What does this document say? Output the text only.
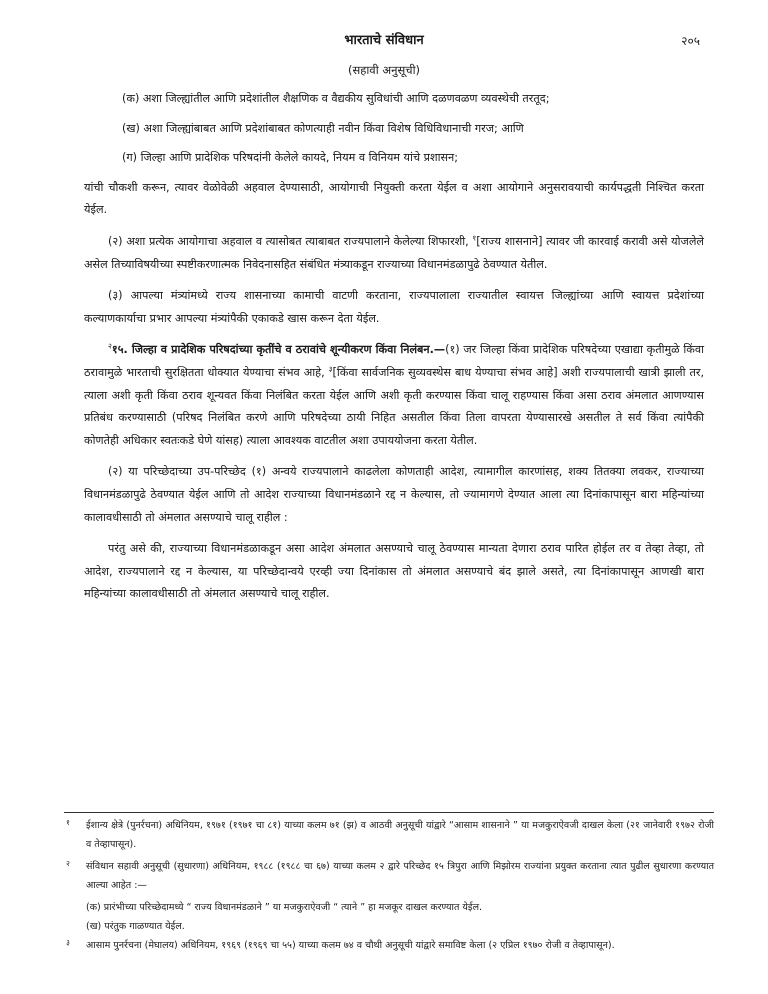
भारताचे संविधान	२०५
(सहावी अनुसूची)

(क) अशा जिल्ह्यांतील आणि प्रदेशांतील शैक्षणिक व वैद्यकीय सुविधांची आणि दळणवळण व्यवस्थेची तरतूद;

(ख) अशा जिल्ह्यांबाबत आणि प्रदेशांबाबत कोणत्याही नवीन किंवा विशेष विधिविधानाची गरज; आणि

(ग) जिल्हा आणि प्रादेशिक परिषदांनी केलेले कायदे, नियम व विनियम यांचे प्रशासन;

यांची चौकशी करून, त्यावर वेळोवेळी अहवाल देण्यासाठी, आयोगाची नियुक्ती करता येईल व अशा आयोगाने अनुसरावयाची कार्यपद्धती निश्चित करता येईल.

(२) अशा प्रत्येक आयोगाचा अहवाल व त्यासोबत त्याबाबत राज्यपालाने केलेल्या शिफारशी, $^१$[राज्य शासनाने] त्यावर जी कारवाई करावी असे योजलेले असेल तिच्याविषयीच्या स्पष्टीकरणात्मक निवेदनासहित संबंधित मंत्र्याकडून राज्याच्या विधानमंडळापुढे ठेवण्यात येतील.

(३) आपल्या मंत्र्यांमध्ये राज्य शासनाच्या कामाची वाटणी करताना, राज्यपालाला राज्यातील स्वायत्त जिल्ह्यांच्या आणि स्वायत्त प्रदेशांच्या कल्याणकार्याचा प्रभार आपल्या मंत्र्यांपैकी एकाकडे खास करून देता येईल.

$^२$१५. जिल्हा व प्रादेशिक परिषदांच्या कृतींचे व ठरावांचे शून्यीकरण किंवा निलंबन.—(१) जर जिल्हा किंवा प्रादेशिक परिषदेच्या एखाद्या कृतीमुळे किंवा ठरावामुळे भारताची सुरक्षितता धोक्यात येण्याचा संभव आहे, $^३$[किंवा सार्वजनिक सुव्यवस्थेस बाध येण्याचा संभव आहे] अशी राज्यपालाची खात्री झाली तर, त्याला अशी कृती किंवा ठराव शून्यवत किंवा निलंबित करता येईल आणि अशी कृती करण्यास किंवा चालू राहण्यास किंवा असा ठराव अंमलात आणण्यास प्रतिबंध करण्यासाठी (परिषद निलंबित करणे आणि परिषदेच्या ठायी निहित असतील किंवा तिला वापरता येण्यासारखे असतील ते सर्व किंवा त्यांपैकी कोणतेही अधिकार स्वतःकडे घेणे यांसह) त्याला आवश्यक वाटतील अशा उपाययोजना करता येतील.

(२) या परिच्छेदाच्या उप-परिच्छेद (१) अन्वये राज्यपालाने काढलेला कोणताही आदेश, त्यामागील कारणांसह, शक्य तितक्या लवकर, राज्याच्या विधानमंडळापुढे ठेवण्यात येईल आणि तो आदेश राज्याच्या विधानमंडळाने रद्द न केल्यास, तो ज्यामागणे देण्यात आला त्या दिनांकापासून बारा महिन्यांच्या कालावधीसाठी तो अंमलात असण्याचे चालू राहील :

परंतु असे की, राज्याच्या विधानमंडळाकडून असा आदेश अंमलात असण्याचे चालू ठेवण्यास मान्यता देणारा ठराव पारित होईल तर व तेव्हा तेव्हा, तो आदेश, राज्यपालाने रद्द न केल्यास, या परिच्छेदान्वये एरव्ही ज्या दिनांकास तो अंमलात असण्याचे बंद झाले असते, त्या दिनांकापासून आणखी बारा महिन्यांच्या कालावधीसाठी तो अंमलात असण्याचे चालू राहील.

१ ईशान्य क्षेत्रे (पुनर्रचना) अधिनियम, १९७१ (१९७१ चा ८१) याच्या कलम ७१ (झ) व आठवी अनुसूची यांद्वारे “आसाम शासनाने ” या मजकुराऐवजी दाखल केला (२१ जानेवारी १९७२ रोजी व तेव्हापासून).
२ संविधान सहावी अनुसूची (सुधारणा) अधिनियम, १९८८ (१९८८ चा ६७) याच्या कलम २ द्वारे परिच्छेद १५ त्रिपुरा आणि मिझोरम राज्यांना प्रयुक्त करताना त्यात पुढील सुधारणा करण्यात आल्या आहेत :—

(क) प्रारंभीच्या परिच्छेदामध्ये “ राज्य विधानमंडळाने ” या मजकुराऐवजी “ त्याने ” हा मजकूर दाखल करण्यात येईल.

(ख) परंतुक गाळण्यात येईल.

३ आसाम पुनर्रचना (मेघालय) अधिनियम, १९६९ (१९६९ चा ५५) याच्या कलम ७४ व चौथी अनुसूची यांद्वारे समाविष्ट केला (२ एप्रिल १९७० रोजी व तेव्हापासून).
